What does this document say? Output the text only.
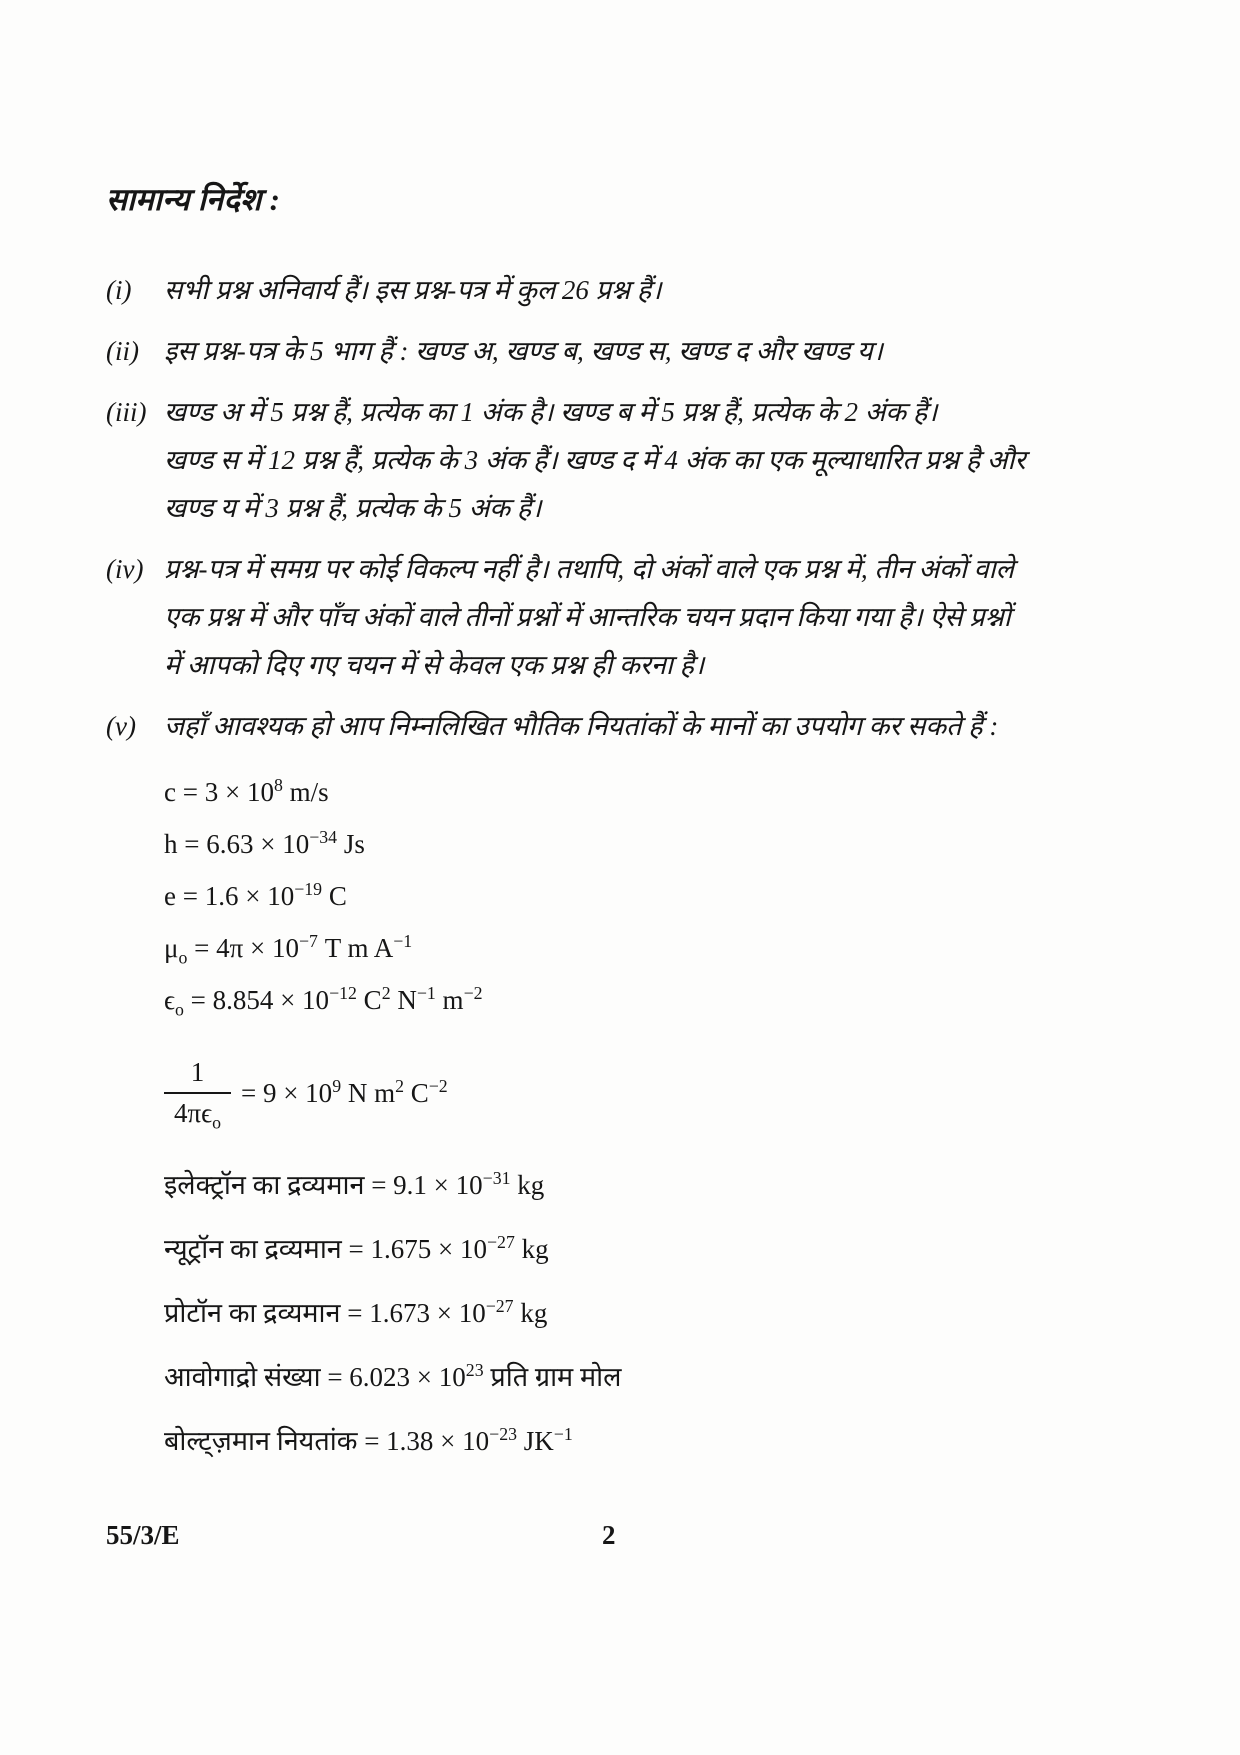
सामान्य निर्देश :
(i)	सभी प्रश्न अनिवार्य हैं। इस प्रश्न-पत्र में कुल 26 प्रश्न हैं।
(ii) इस प्रश्न-पत्र के 5 भाग हैं : खण्ड अ, खण्ड ब, खण्ड स, खण्ड द और खण्ड य।
(iii) खण्ड अ में 5 प्रश्न हैं, प्रत्येक का 1 अंक है। खण्ड ब में 5 प्रश्न हैं, प्रत्येक के 2 अंक हैं।
खण्ड स में 12 प्रश्न हैं, प्रत्येक के 3 अंक हैं। खण्ड द में 4 अंक का एक मूल्याधारित प्रश्न है और
खण्ड य में 3 प्रश्न हैं, प्रत्येक के 5 अंक हैं।
(iv) प्रश्न-पत्र में समग्र पर कोई विकल्प नहीं है। तथापि, दो अंकों वाले एक प्रश्न में, तीन अंकों वाले
एक प्रश्न में और पाँच अंकों वाले तीनों प्रश्नों में आन्तरिक चयन प्रदान किया गया है। ऐसे प्रश्नों
में आपको दिए गए चयन में से केवल एक प्रश्न ही करना है।
(v)	जहाँ आवश्यक हो आप निम्नलिखित भौतिक नियतांकों के मानों का उपयोग कर सकते हैं :
$c = 3 \times 10^8$ m/s
$h = 6.63 \times 10^{-34}$ Js
$e = 1.6 \times 10^{-19}$ C
$\mu_o = 4\pi \times 10^{-7}$ T m $A^{-1}$
$\epsilon_o = 8.854 \times 10^{-12}$ $C^2$ $N^{-1}$ $m^{-2}$
$\frac{1}{4\pi\epsilon_o} = 9 \times 10^9$ N $m^2$ $C^{-2}$
इलेक्ट्रॉन का द्रव्यमान = $9.1 \times 10^{-31}$ kg
न्यूट्रॉन का द्रव्यमान = $1.675 \times 10^{-27}$ kg
प्रोटॉन का द्रव्यमान = $1.673 \times 10^{-27}$ kg
आवोगाद्रो संख्या = $6.023 \times 10^{23}$ प्रति ग्राम मोल
बोल्ट्ज़मान नियतांक = $1.38 \times 10^{-23}$ $JK^{-1}$
55/3/E	2
